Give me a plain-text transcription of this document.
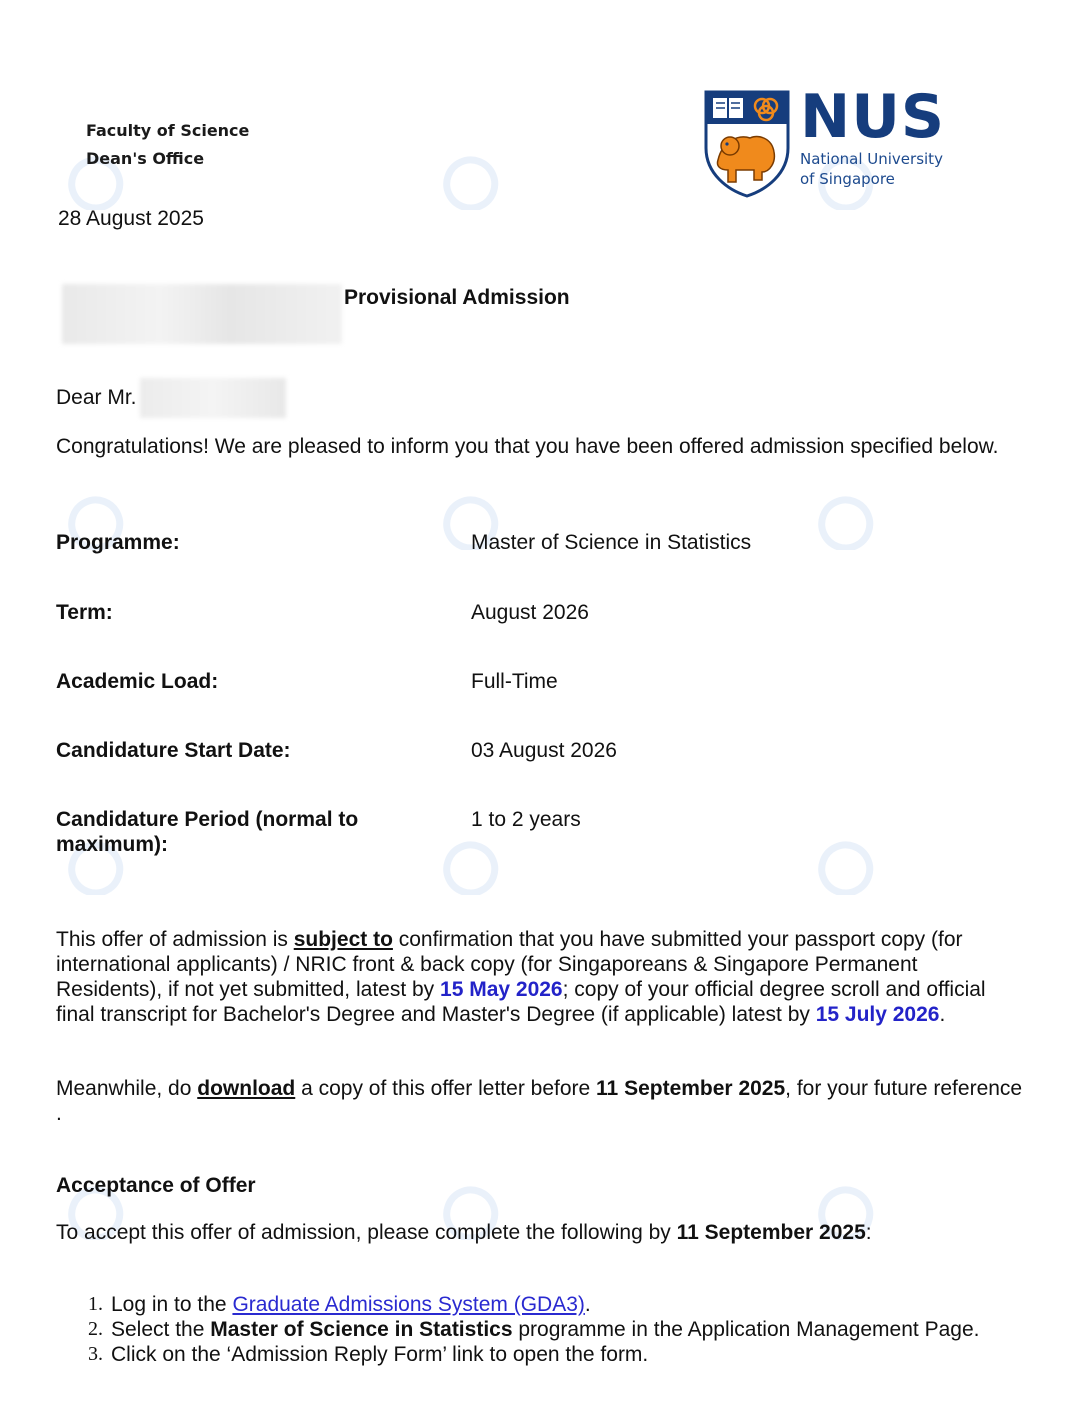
Faculty of Science
Dean's Office
28 August 2025
NUS
National University
of Singapore
Provisional Admission
Dear Mr.
Congratulations! We are pleased to inform you that you have been offered admission specified below.
Programme:	Master of Science in Statistics
Term:	August 2026
Academic Load:	Full-Time
Candidature Start Date:	03 August 2026
Candidature Period (normal to maximum):
1 to 2 years
This offer of admission is subject to confirmation that you have submitted your passport copy (for international applicants) / NRIC front & back copy (for Singaporeans & Singapore Permanent Residents), if not yet submitted, latest by 15 May 2026; copy of your official degree scroll and official final transcript for Bachelor's Degree and Master's Degree (if applicable) latest by 15 July 2026.
Meanwhile, do download a copy of this offer letter before 11 September 2025, for your future reference .
Acceptance of Offer
To accept this offer of admission, please complete the following by 11 September 2025:
1. Log in to the Graduate Admissions System (GDA3).
2. Select the Master of Science in Statistics programme in the Application Management Page.
3. Click on the ‘Admission Reply Form’ link to open the form.
